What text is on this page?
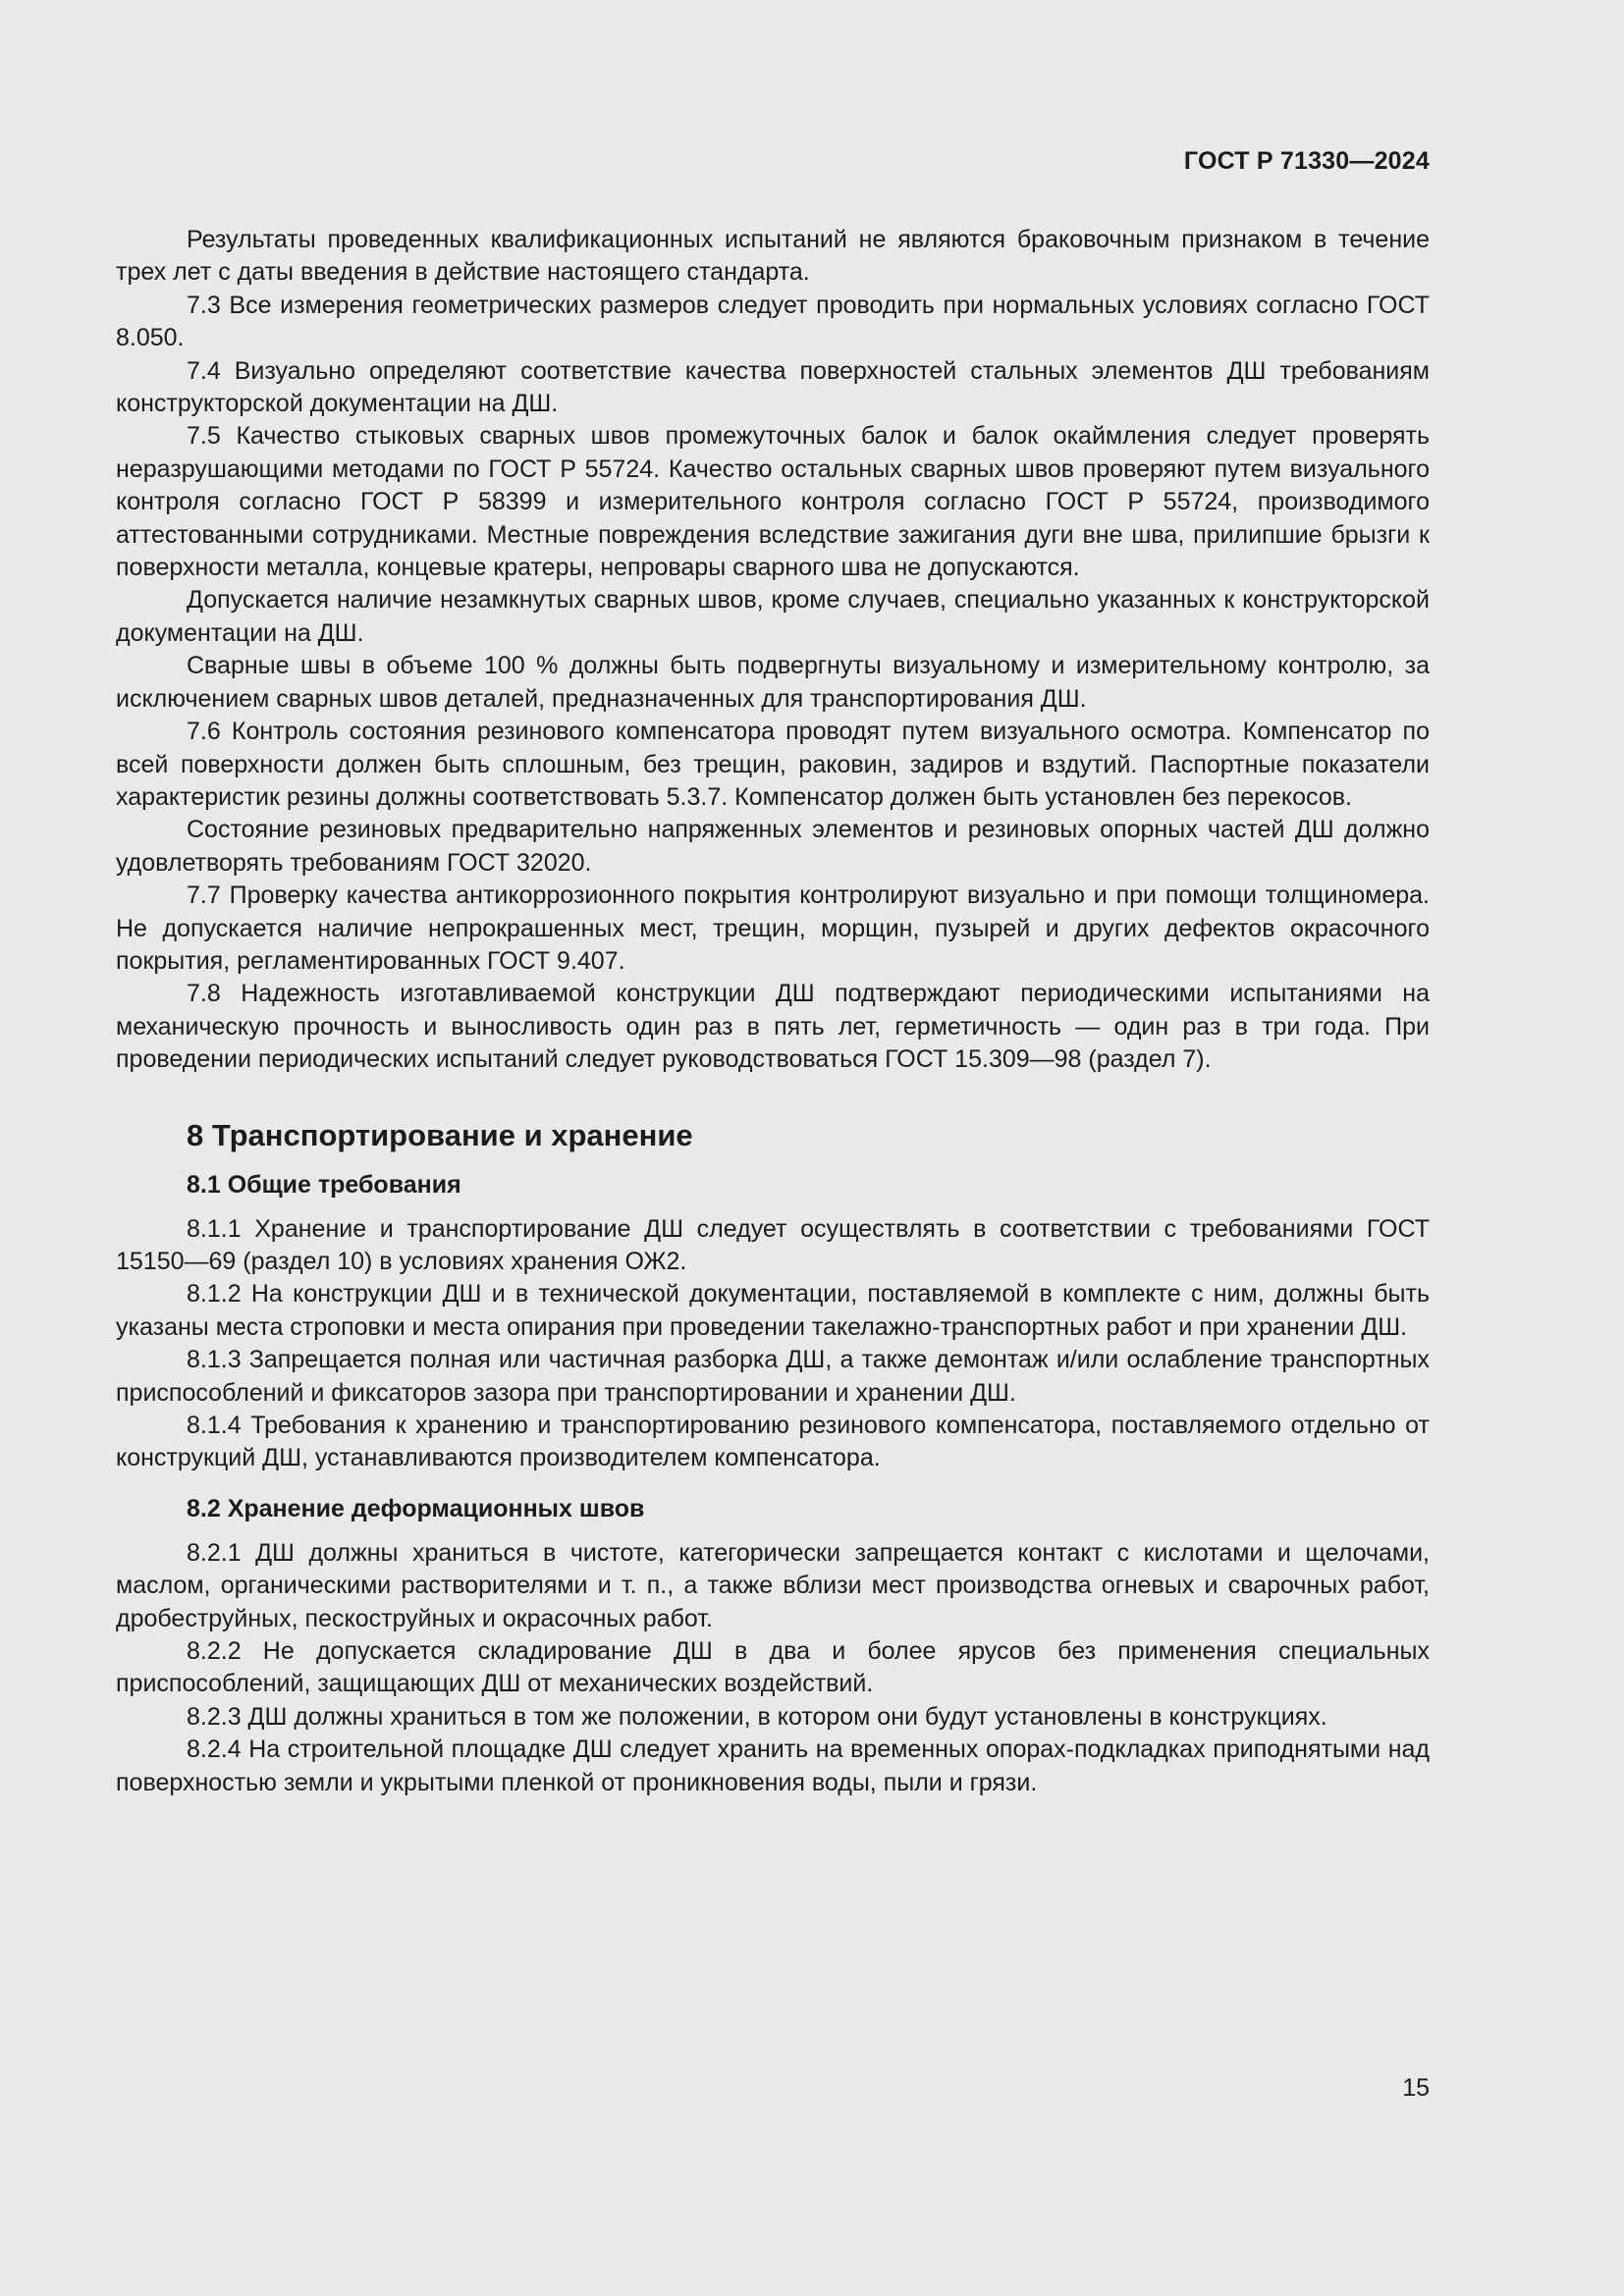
ГОСТ Р 71330—2024

Результаты проведенных квалификационных испытаний не являются браковочным признаком в течение трех лет с даты введения в действие настоящего стандарта.

7.3 Все измерения геометрических размеров следует проводить при нормальных условиях согласно ГОСТ 8.050.

7.4 Визуально определяют соответствие качества поверхностей стальных элементов ДШ требованиям конструкторской документации на ДШ.

7.5 Качество стыковых сварных швов промежуточных балок и балок окаймления следует проверять неразрушающими методами по ГОСТ Р 55724. Качество остальных сварных швов проверяют путем визуального контроля согласно ГОСТ Р 58399 и измерительного контроля согласно ГОСТ Р 55724, производимого аттестованными сотрудниками. Местные повреждения вследствие зажигания дуги вне шва, прилипшие брызги к поверхности металла, концевые кратеры, непровары сварного шва не допускаются.

Допускается наличие незамкнутых сварных швов, кроме случаев, специально указанных к конструкторской документации на ДШ.

Сварные швы в объеме 100 % должны быть подвергнуты визуальному и измерительному контролю, за исключением сварных швов деталей, предназначенных для транспортирования ДШ.

7.6 Контроль состояния резинового компенсатора проводят путем визуального осмотра. Компенсатор по всей поверхности должен быть сплошным, без трещин, раковин, задиров и вздутий. Паспортные показатели характеристик резины должны соответствовать 5.3.7. Компенсатор должен быть установлен без перекосов.

Состояние резиновых предварительно напряженных элементов и резиновых опорных частей ДШ должно удовлетворять требованиям ГОСТ 32020.

7.7 Проверку качества антикоррозионного покрытия контролируют визуально и при помощи толщиномера. Не допускается наличие непрокрашенных мест, трещин, морщин, пузырей и других дефектов окрасочного покрытия, регламентированных ГОСТ 9.407.

7.8 Надежность изготавливаемой конструкции ДШ подтверждают периодическими испытаниями на механическую прочность и выносливость один раз в пять лет, герметичность — один раз в три года. При проведении периодических испытаний следует руководствоваться ГОСТ 15.309—98 (раздел 7).

8 Транспортирование и хранение
8.1 Общие требования

8.1.1 Хранение и транспортирование ДШ следует осуществлять в соответствии с требованиями ГОСТ 15150—69 (раздел 10) в условиях хранения ОЖ2.

8.1.2 На конструкции ДШ и в технической документации, поставляемой в комплекте с ним, должны быть указаны места строповки и места опирания при проведении такелажно-транспортных работ и при хранении ДШ.

8.1.3 Запрещается полная или частичная разборка ДШ, а также демонтаж и/или ослабление транспортных приспособлений и фиксаторов зазора при транспортировании и хранении ДШ.

8.1.4 Требования к хранению и транспортированию резинового компенсатора, поставляемого отдельно от конструкций ДШ, устанавливаются производителем компенсатора.

8.2 Хранение деформационных швов

8.2.1 ДШ должны храниться в чистоте, категорически запрещается контакт с кислотами и щелочами, маслом, органическими растворителями и т. п., а также вблизи мест производства огневых и сварочных работ, дробеструйных, пескоструйных и окрасочных работ.

8.2.2 Не допускается складирование ДШ в два и более ярусов без применения специальных приспособлений, защищающих ДШ от механических воздействий.

8.2.3 ДШ должны храниться в том же положении, в котором они будут установлены в конструкциях.

8.2.4 На строительной площадке ДШ следует хранить на временных опорах-подкладках приподнятыми над поверхностью земли и укрытыми пленкой от проникновения воды, пыли и грязи.

15
